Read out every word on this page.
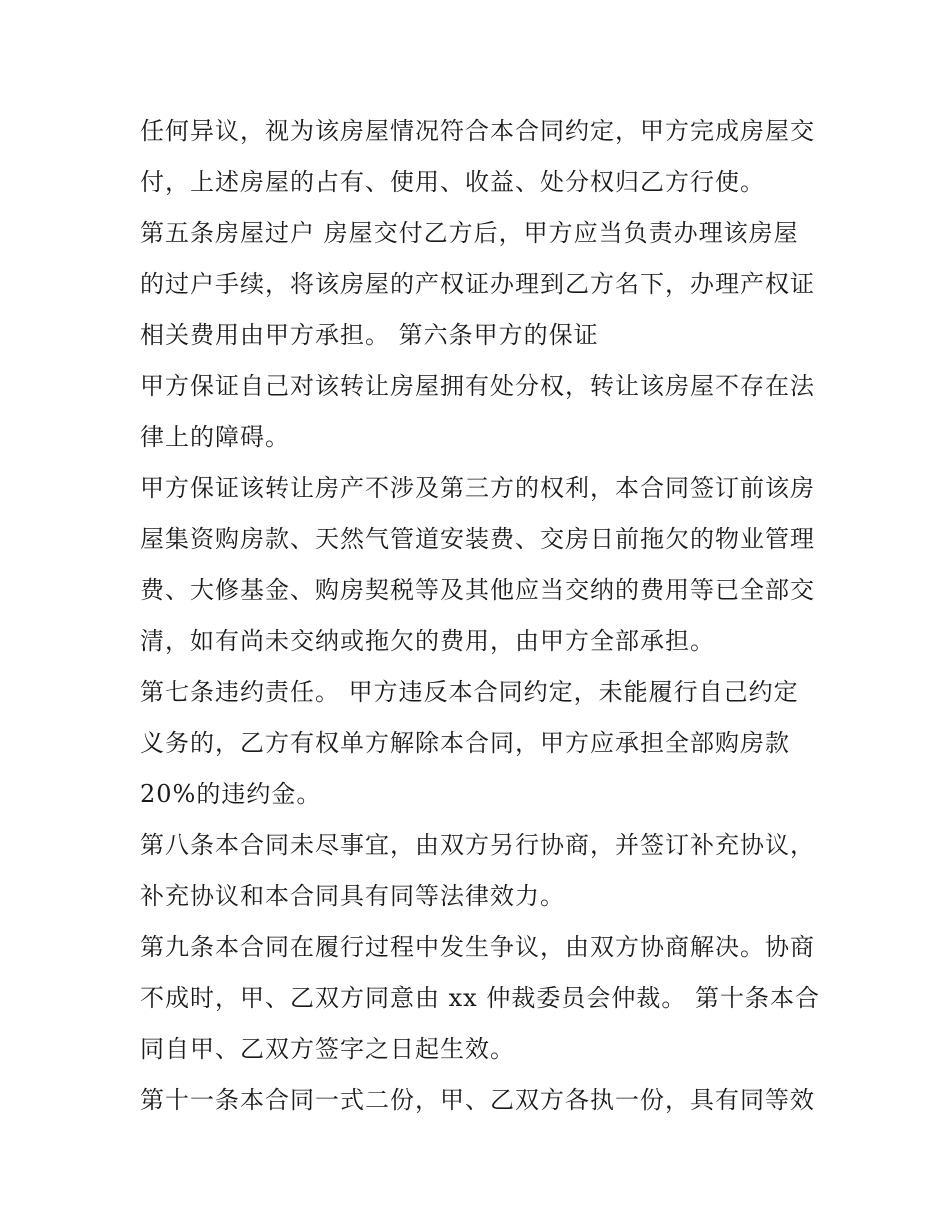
任何异议，视为该房屋情况符合本合同约定，甲方完成房屋交
付，上述房屋的占有、使用、收益、处分权归乙方行使。
第五条房屋过户 房屋交付乙方后，甲方应当负责办理该房屋
的过户手续，将该房屋的产权证办理到乙方名下，办理产权证
相关费用由甲方承担。 第六条甲方的保证
甲方保证自己对该转让房屋拥有处分权，转让该房屋不存在法
律上的障碍。
甲方保证该转让房产不涉及第三方的权利，本合同签订前该房
屋集资购房款、天然气管道安装费、交房日前拖欠的物业管理
费、大修基金、购房契税等及其他应当交纳的费用等已全部交
清，如有尚未交纳或拖欠的费用，由甲方全部承担。
第七条违约责任。 甲方违反本合同约定，未能履行自己约定
义务的，乙方有权单方解除本合同，甲方应承担全部购房款
20%的违约金。
第八条本合同未尽事宜，由双方另行协商，并签订补充协议，
补充协议和本合同具有同等法律效力。
第九条本合同在履行过程中发生争议，由双方协商解决。协商
不成时，甲、乙双方同意由 xx 仲裁委员会仲裁。 第十条本合
同自甲、乙双方签字之日起生效。
第十一条本合同一式二份，甲、乙双方各执一份，具有同等效
